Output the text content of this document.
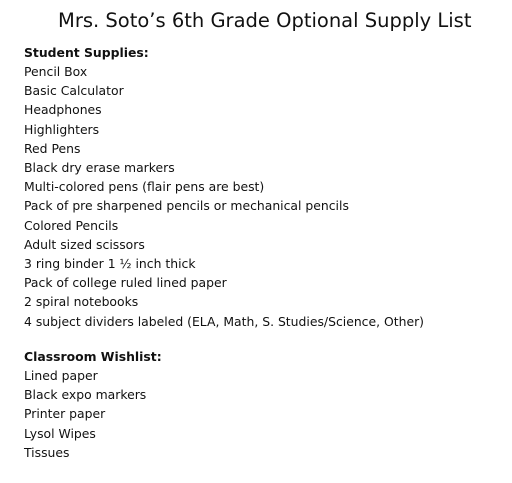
Mrs. Soto’s 6th Grade Optional Supply List
Student Supplies:
Pencil Box
Basic Calculator
Headphones
Highlighters
Red Pens
Black dry erase markers
Multi-colored pens (flair pens are best)
Pack of pre sharpened pencils or mechanical pencils
Colored Pencils
Adult sized scissors
3 ring binder 1 ½ inch thick
Pack of college ruled lined paper
2 spiral notebooks
4 subject dividers labeled (ELA, Math, S. Studies/Science, Other)
Classroom Wishlist:
Lined paper
Black expo markers
Printer paper
Lysol Wipes
Tissues
